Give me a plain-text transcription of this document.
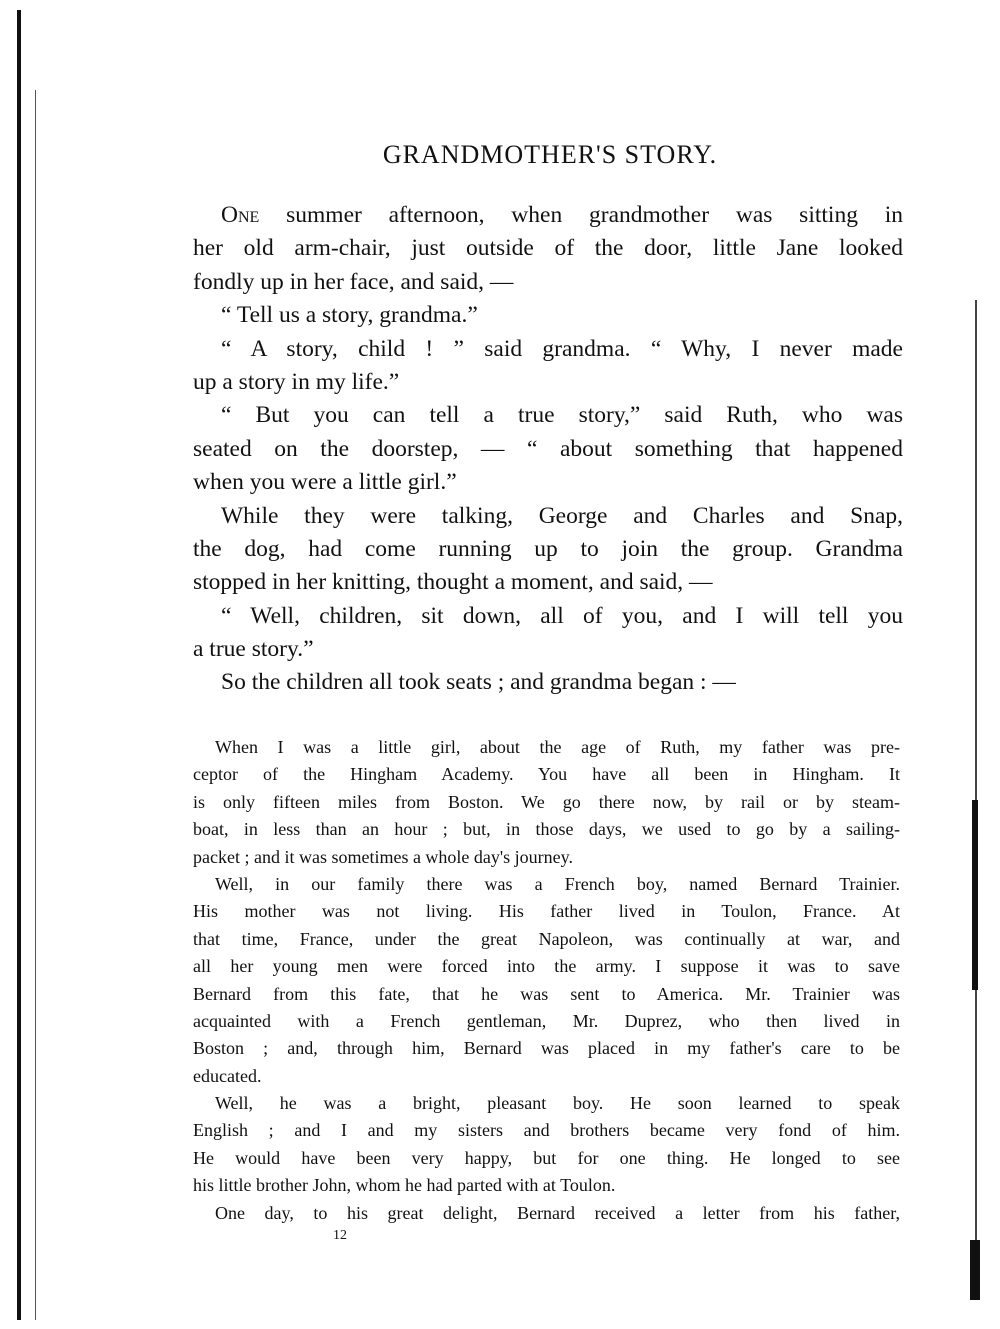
GRANDMOTHER'S STORY.
One summer afternoon, when grandmother was sitting in
her old arm-chair, just outside of the door, little Jane looked
fondly up in her face, and said, —
“ Tell us a story, grandma.”
“ A story, child ! ” said grandma. “ Why, I never made
up a story in my life.”
“ But you can tell a true story,” said Ruth, who was
seated on the doorstep, — “ about something that happened
when you were a little girl.”
While they were talking, George and Charles and Snap,
the dog, had come running up to join the group. Grandma
stopped in her knitting, thought a moment, and said, —
“ Well, children, sit down, all of you, and I will tell you
a true story.”
So the children all took seats ; and grandma began : —
When I was a little girl, about the age of Ruth, my father was pre-
ceptor of the Hingham Academy. You have all been in Hingham. It
is only fifteen miles from Boston. We go there now, by rail or by steam-
boat, in less than an hour ; but, in those days, we used to go by a sailing-
packet ; and it was sometimes a whole day's journey.
Well, in our family there was a French boy, named Bernard Trainier.
His mother was not living. His father lived in Toulon, France. At
that time, France, under the great Napoleon, was continually at war, and
all her young men were forced into the army. I suppose it was to save
Bernard from this fate, that he was sent to America. Mr. Trainier was
acquainted with a French gentleman, Mr. Duprez, who then lived in
Boston ; and, through him, Bernard was placed in my father's care to be
educated.
Well, he was a bright, pleasant boy. He soon learned to speak
English ; and I and my sisters and brothers became very fond of him.
He would have been very happy, but for one thing. He longed to see
his little brother John, whom he had parted with at Toulon.
One day, to his great delight, Bernard received a letter from his father,
12
